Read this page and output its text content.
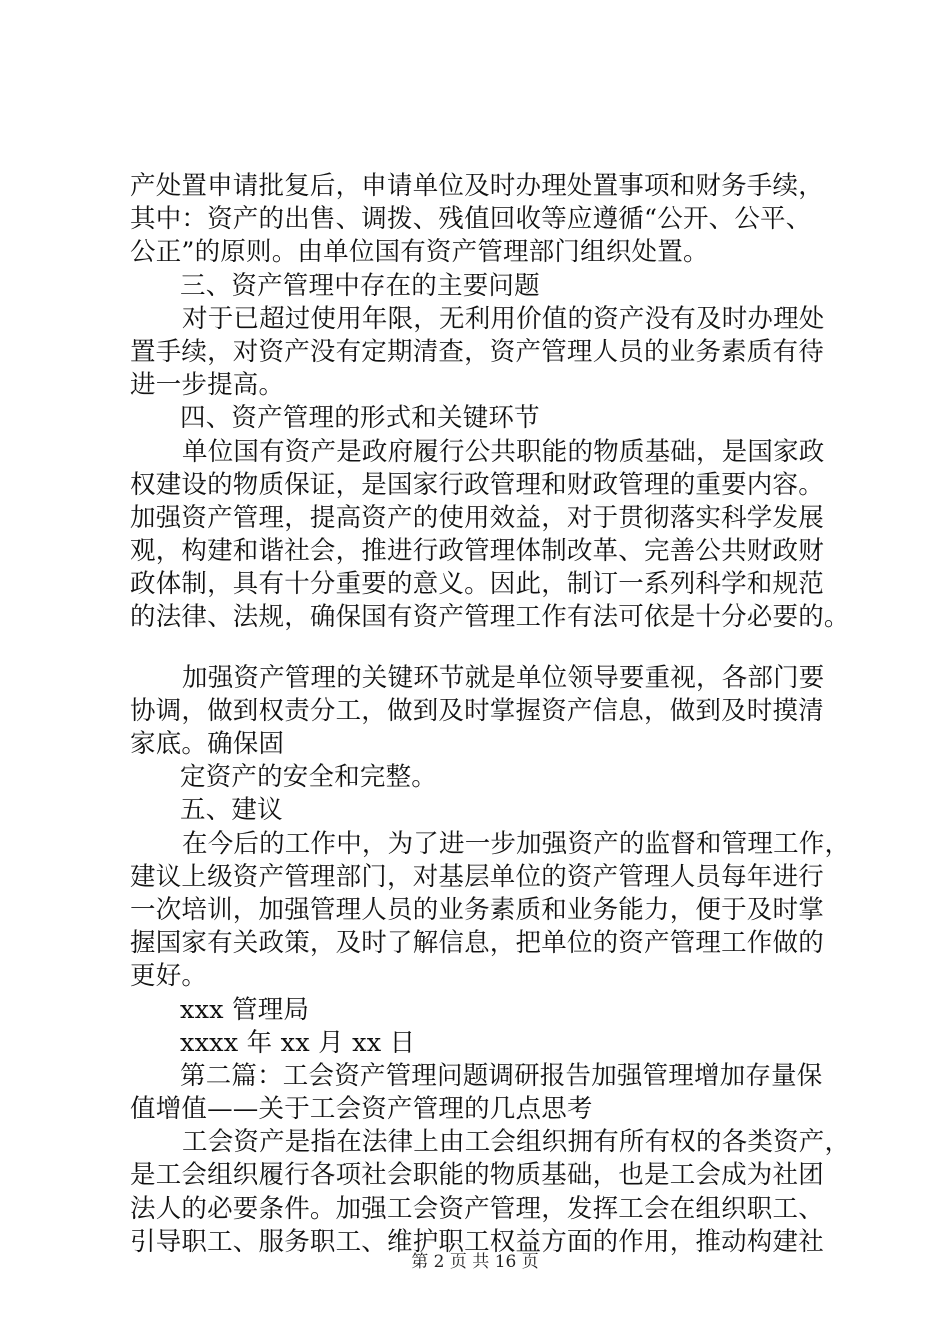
产处置申请批复后，申请单位及时办理处置事项和财务手续，
其中：资产的出售、调拨、残值回收等应遵循“公开、公平、
公正”的原则。由单位国有资产管理部门组织处置。
三、资产管理中存在的主要问题
对于已超过使用年限，无利用价值的资产没有及时办理处
置手续，对资产没有定期清查，资产管理人员的业务素质有待
进一步提高。
四、资产管理的形式和关键环节
单位国有资产是政府履行公共职能的物质基础，是国家政
权建设的物质保证，是国家行政管理和财政管理的重要内容。
加强资产管理，提高资产的使用效益，对于贯彻落实科学发展
观，构建和谐社会，推进行政管理体制改革、完善公共财政财
政体制，具有十分重要的意义。因此，制订一系列科学和规范
的法律、法规，确保国有资产管理工作有法可依是十分必要的。
加强资产管理的关键环节就是单位领导要重视，各部门要
协调，做到权责分工，做到及时掌握资产信息，做到及时摸清
家底。确保固
定资产的安全和完整。
五、建议
在今后的工作中，为了进一步加强资产的监督和管理工作，
建议上级资产管理部门，对基层单位的资产管理人员每年进行
一次培训，加强管理人员的业务素质和业务能力，便于及时掌
握国家有关政策，及时了解信息，把单位的资产管理工作做的
更好。
xxx 管理局
xxxx 年 xx 月 xx 日
第二篇：工会资产管理问题调研报告加强管理增加存量保
值增值——关于工会资产管理的几点思考
工会资产是指在法律上由工会组织拥有所有权的各类资产，
是工会组织履行各项社会职能的物质基础，也是工会成为社团
法人的必要条件。加强工会资产管理，发挥工会在组织职工、
引导职工、服务职工、维护职工权益方面的作用，推动构建社
第 2 页 共 16 页
